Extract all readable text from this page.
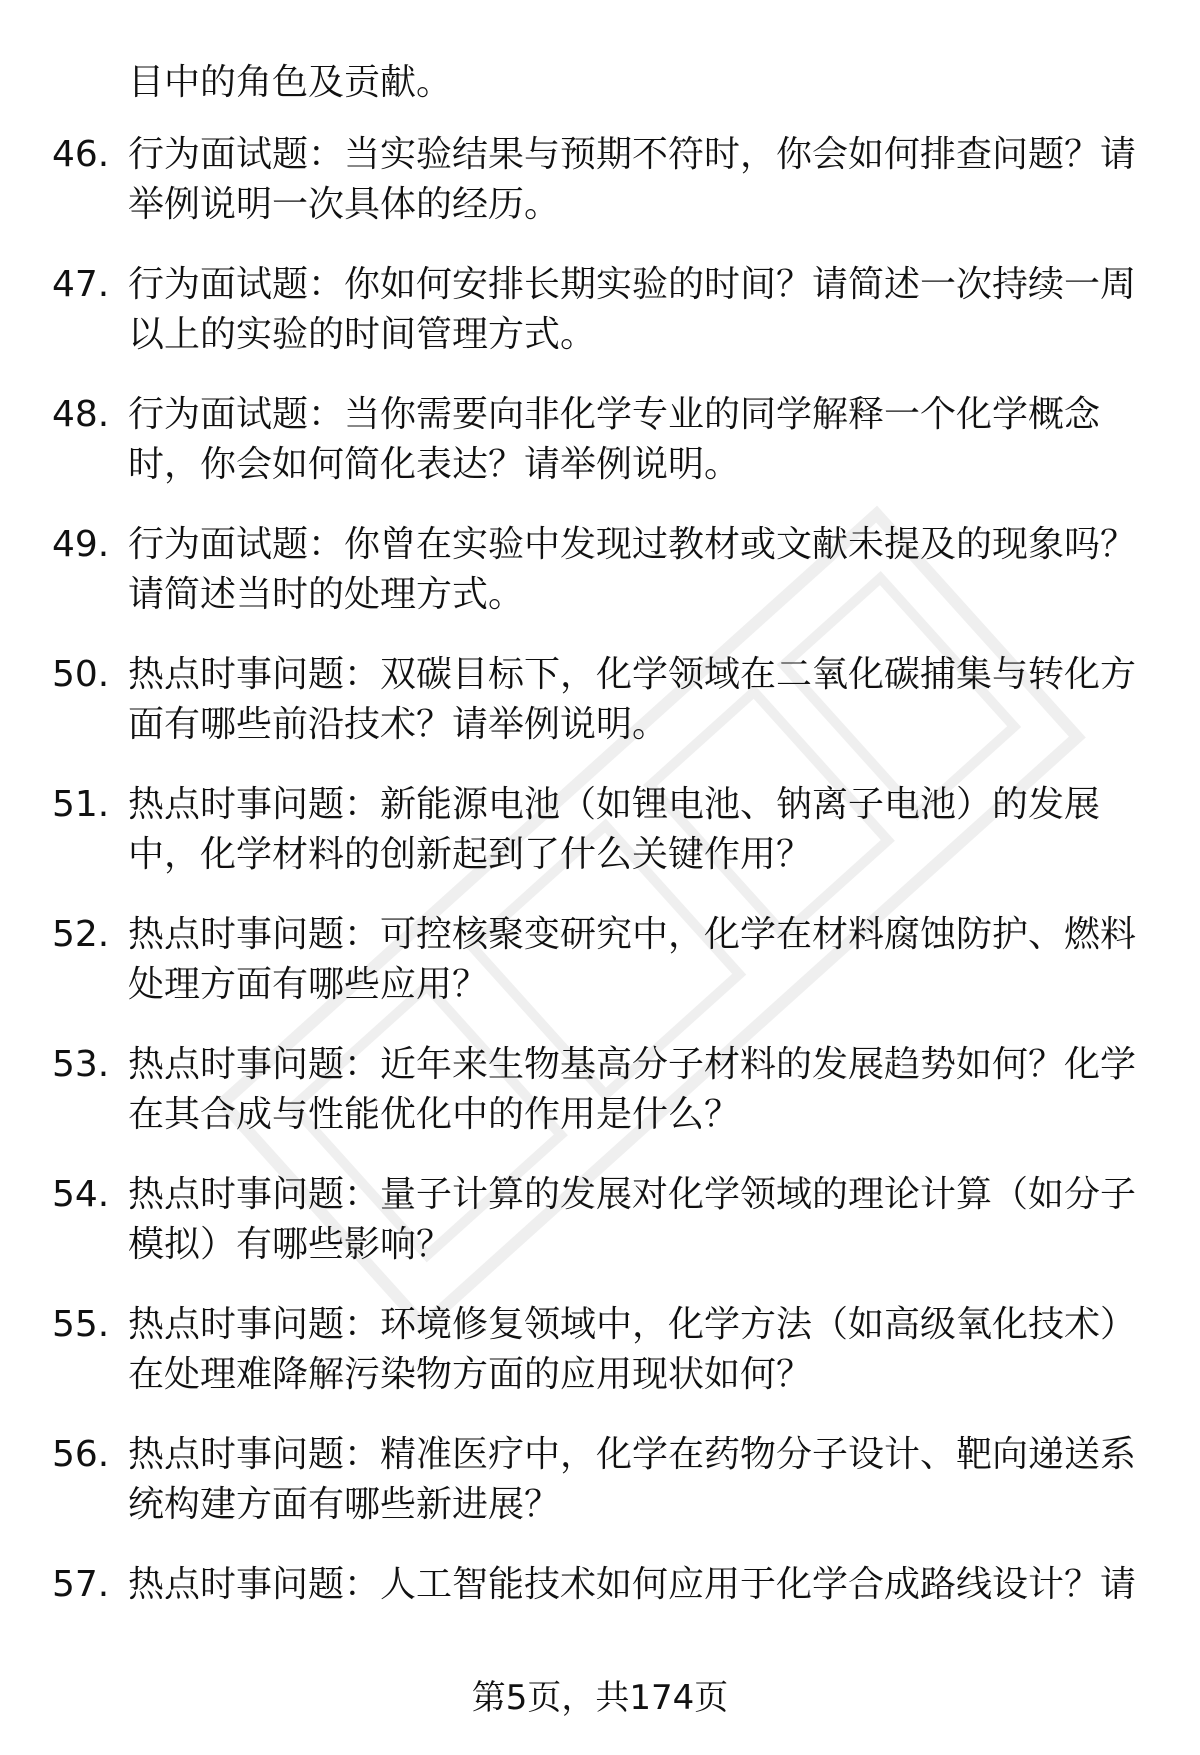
目中的角色及贡献。
46. 行为面试题：当实验结果与预期不符时，你会如何排查问题？请
举例说明一次具体的经历。
47. 行为面试题：你如何安排长期实验的时间？请简述一次持续一周
以上的实验的时间管理方式。
48. 行为面试题：当你需要向非化学专业的同学解释一个化学概念
时，你会如何简化表达？请举例说明。
49. 行为面试题：你曾在实验中发现过教材或文献未提及的现象吗？
请简述当时的处理方式。
50. 热点时事问题：双碳目标下，化学领域在二氧化碳捕集与转化方
面有哪些前沿技术？请举例说明。
51. 热点时事问题：新能源电池（如锂电池、钠离子电池）的发展
中，化学材料的创新起到了什么关键作用？
52. 热点时事问题：可控核聚变研究中，化学在材料腐蚀防护、燃料
处理方面有哪些应用？
53. 热点时事问题：近年来生物基高分子材料的发展趋势如何？化学
在其合成与性能优化中的作用是什么？
54. 热点时事问题：量子计算的发展对化学领域的理论计算（如分子
模拟）有哪些影响？
55. 热点时事问题：环境修复领域中，化学方法（如高级氧化技术）
在处理难降解污染物方面的应用现状如何？
56. 热点时事问题：精准医疗中，化学在药物分子设计、靶向递送系
统构建方面有哪些新进展？
57. 热点时事问题：人工智能技术如何应用于化学合成路线设计？请
第5页，共174页
